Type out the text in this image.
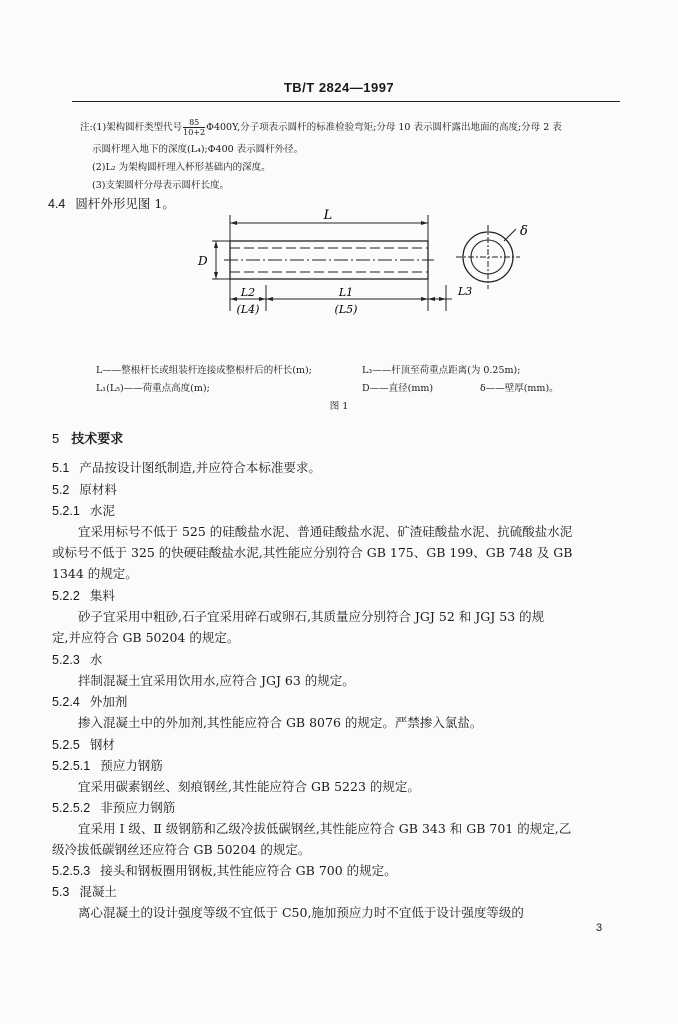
TB/T 2824—1997
注:(1)架构圆杆类型代号 $\frac{85}{10+2} \Phi 400Y$,分子项表示圆杆的标准检验弯矩;分母 10 表示圆杆露出地面的高度;分母 2 表
示圆杆埋入地下的深度(L₄);Φ400 表示圆杆外径。
(2)L₂ 为架构圆杆埋入杯形基础内的深度。
(3)支架圆杆分母表示圆杆长度。
4.4 圆杆外形见图 1。
L
D
δ
L2
(L4)
L1
(L5)
L3
L——整根杆长或组装杆连接成整根杆后的杆长(m);	L₃——杆顶至荷重点距离(为 0.25m);
L₁(L₅)——荷重点高度(m);	D——直径(mm)	δ——壁厚(mm)。
图 1
5 技术要求
5.1 产品按设计图纸制造,并应符合本标准要求。
5.2 原材料
5.2.1 水泥
宜采用标号不低于 525 的硅酸盐水泥、普通硅酸盐水泥、矿渣硅酸盐水泥、抗硫酸盐水泥
或标号不低于 325 的快硬硅酸盐水泥,其性能应分别符合 GB 175、GB 199、GB 748 及 GB
1344 的规定。
5.2.2 集料
砂子宜采用中粗砂,石子宜采用碎石或卵石,其质量应分别符合 JGJ 52 和 JGJ 53 的规
定,并应符合 GB 50204 的规定。
5.2.3 水
拌制混凝土宜采用饮用水,应符合 JGJ 63 的规定。
5.2.4 外加剂
掺入混凝土中的外加剂,其性能应符合 GB 8076 的规定。严禁掺入氯盐。
5.2.5 钢材
5.2.5.1 预应力钢筋
宜采用碳素钢丝、刻痕钢丝,其性能应符合 GB 5223 的规定。
5.2.5.2 非预应力钢筋
宜采用 Ⅰ 级、Ⅱ 级钢筋和乙级冷拔低碳钢丝,其性能应符合 GB 343 和 GB 701 的规定,乙
级冷拔低碳钢丝还应符合 GB 50204 的规定。
5.2.5.3 接头和钢板圈用钢板,其性能应符合 GB 700 的规定。
5.3 混凝土
离心混凝土的设计强度等级不宜低于 C50,施加预应力时不宜低于设计强度等级的
3
